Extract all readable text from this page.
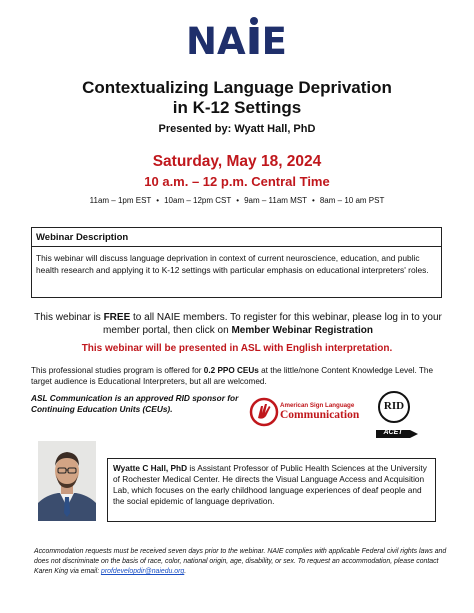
NA E
Contextualizing Language Deprivation
in K-12 Settings
Presented by: Wyatt Hall, PhD
Saturday, May 18, 2024
10 a.m. – 12 p.m. Central Time
11am – 1pm EST • 10am – 12pm CST • 9am – 11am MST • 8am – 10 am PST
Webinar Description
This webinar will discuss language deprivation in context of current neuroscience, education, and public health research and applying it to K-12 settings with particular emphasis on educational interpreters' roles.
This webinar is FREE to all NAIE members. To register for this webinar, please log in to your member portal, then click on Member Webinar Registration
This webinar will be presented in ASL with English interpretation.
This professional studies program is offered for 0.2 PPO CEUs at the little/none Content Knowledge Level. The target audience is Educational Interpreters, but all are welcomed.
ASL Communication is an approved RID sponsor for Continuing Education Units (CEUs).	American Sign Language
Communication
RID
ACET
Wyatte C Hall, PhD is Assistant Professor of Public Health Sciences at the University of Rochester Medical Center. He directs the Visual Language Access and Acquisition Lab, which focuses on the early childhood language experiences of deaf people and the social epidemic of language deprivation.
Accommodation requests must be received seven days prior to the webinar. NAIE complies with applicable Federal civil rights laws and does not discriminate on the basis of race, color, national origin, age, disability, or sex. To request an accommodation, please contact Karen King via email: profdevelopdir@naiedu.org.
